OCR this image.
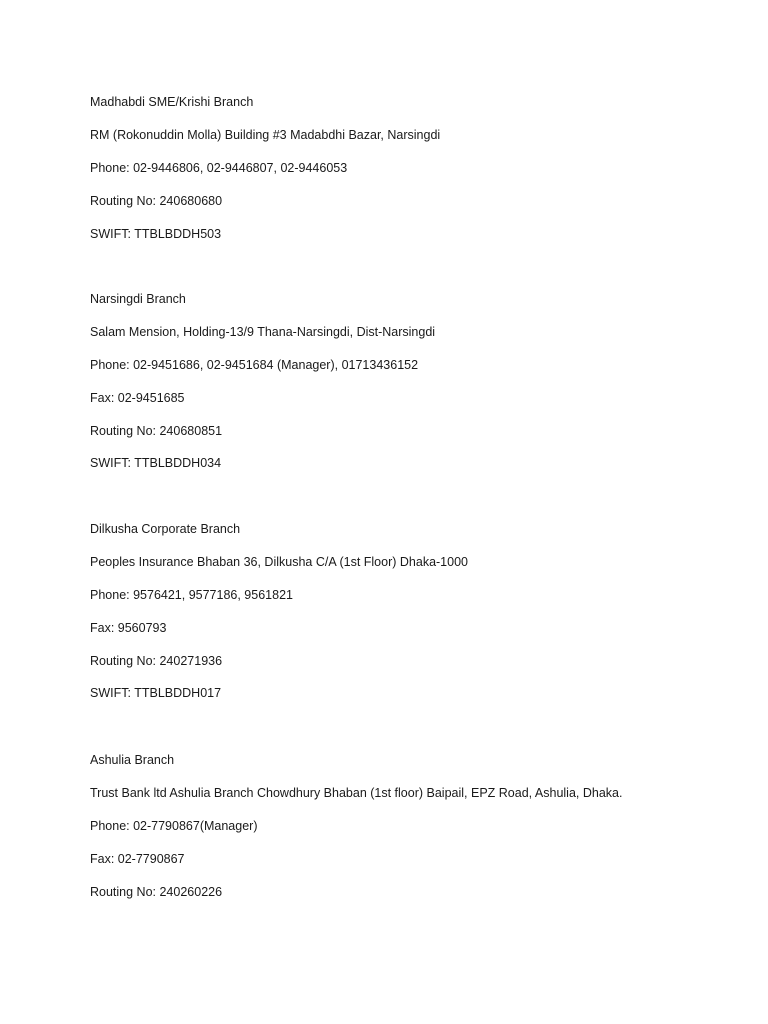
Madhabdi SME/Krishi Branch
RM (Rokonuddin Molla) Building #3 Madabdhi Bazar, Narsingdi
Phone: 02-9446806, 02-9446807, 02-9446053
Routing No: 240680680
SWIFT: TTBLBDDH503
Narsingdi Branch
Salam Mension, Holding-13/9 Thana-Narsingdi, Dist-Narsingdi
Phone: 02-9451686, 02-9451684 (Manager), 01713436152
Fax: 02-9451685
Routing No: 240680851
SWIFT: TTBLBDDH034
Dilkusha Corporate Branch
Peoples Insurance Bhaban 36, Dilkusha C/A (1st Floor) Dhaka-1000
Phone: 9576421, 9577186, 9561821
Fax: 9560793
Routing No: 240271936
SWIFT: TTBLBDDH017
Ashulia Branch
Trust Bank ltd Ashulia Branch Chowdhury Bhaban (1st floor) Baipail, EPZ Road, Ashulia, Dhaka.
Phone: 02-7790867(Manager)
Fax: 02-7790867
Routing No: 240260226
